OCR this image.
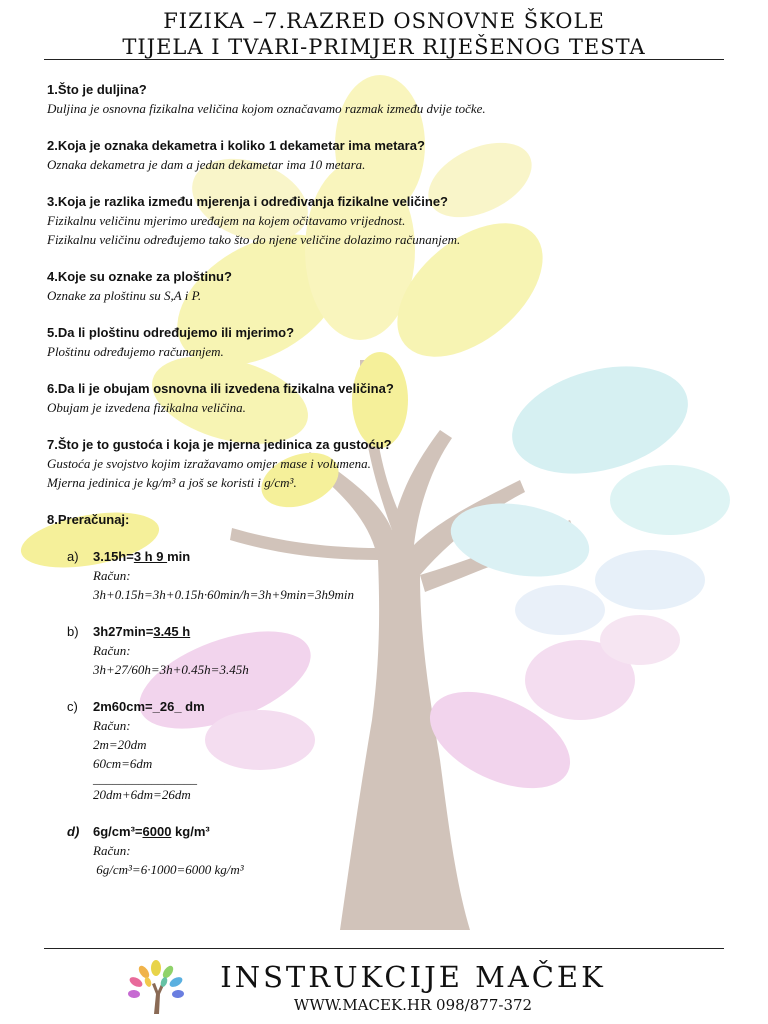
FIZIKA –7.RAZRED OSNOVNE ŠKOLE
TIJELA I TVARI-PRIMJER RIJEŠENOG TESTA
1.Što je duljina?
Duljina je osnovna fizikalna veličina kojom označavamo razmak između dvije točke.
2.Koja je oznaka dekametra i koliko 1 dekametar ima metara?
Oznaka dekametra je dam a jedan dekametar ima 10 metara.
3.Koja je razlika između mjerenja i određivanja fizikalne veličine?
Fizikalnu veličinu mjerimo uređajem na kojem očitavamo vrijednost.
Fizikalnu veličinu određujemo tako što do njene veličine dolazimo računanjem.
4.Koje su oznake za ploštinu?
Oznake za ploštinu su S,A i P.
5.Da li ploštinu određujemo ili mjerimo?
Ploštinu određujemo računanjem.
6.Da li je obujam osnovna ili izvedena fizikalna veličina?
Obujam je izvedena fizikalna veličina.
7.Što je to gustoća i koja je mjerna jedinica za gustoću?
Gustoća je svojstvo kojim izražavamo omjer mase i volumena.
Mjerna jedinica je kg/m³ a još se koristi i g/cm³.
8.Preračunaj:
a) 3.15h=3 h 9 min
Račun:
3h+0.15h=3h+0.15h·60min/h=3h+9min=3h9min
b) 3h27min=3.45 h
Račun:
3h+27/60h=3h+0.45h=3.45h
c) 2m60cm=_26_ dm
Račun:
2m=20dm
60cm=6dm
________________
20dm+6dm=26dm
d) 6g/cm³=6000 kg/m³
Račun:
6g/cm³=6·1000=6000 kg/m³
INSTRUKCIJE MAČEK
WWW.MACEK.HR 098/877-372
